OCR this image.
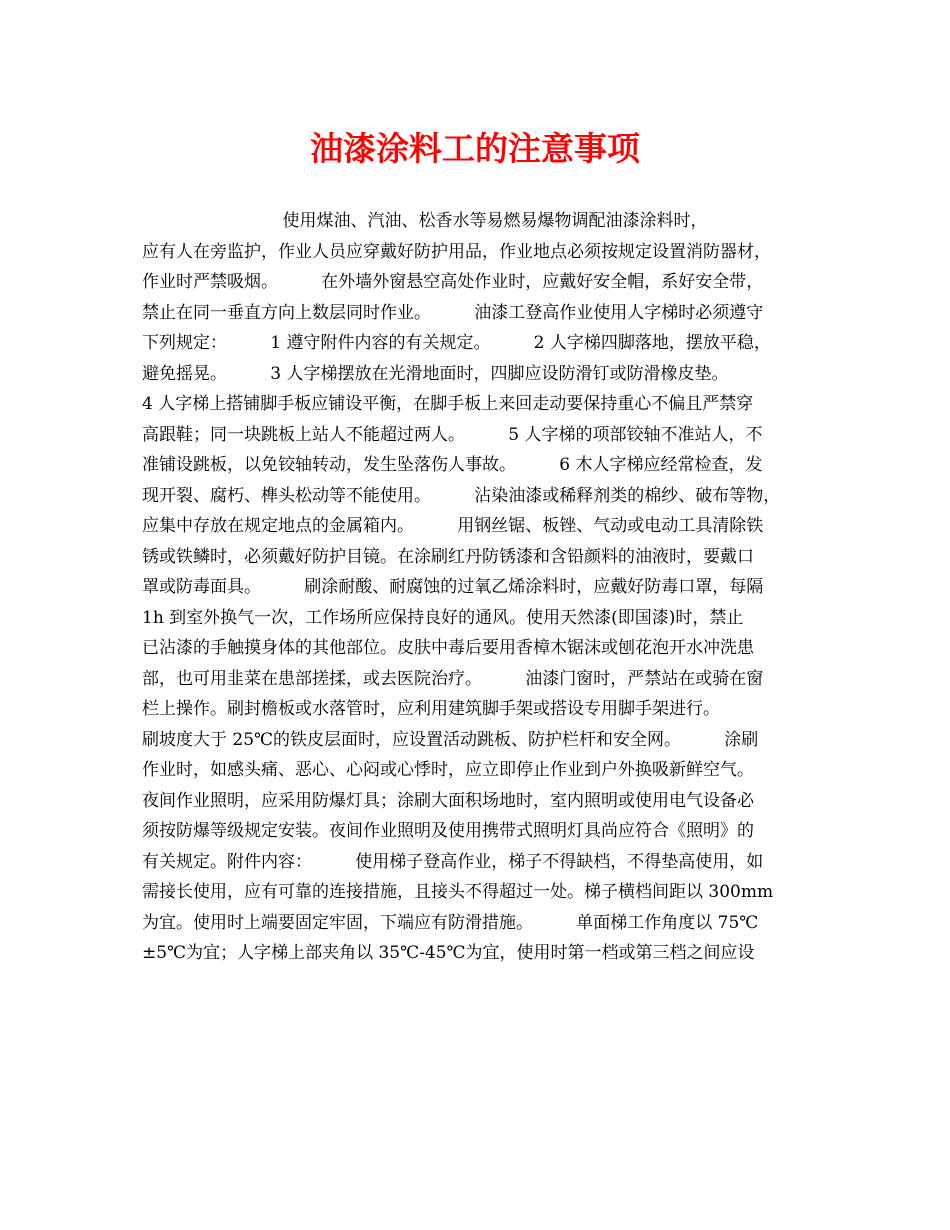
油漆涂料工的注意事项
使用煤油、汽油、松香水等易燃易爆物调配油漆涂料时，
应有人在旁监护，作业人员应穿戴好防护用品，作业地点必须按规定设置消防器材，
作业时严禁吸烟。        在外墙外窗悬空高处作业时，应戴好安全帽，系好安全带，
禁止在同一垂直方向上数层同时作业。        油漆工登高作业使用人字梯时必须遵守
下列规定：        1 遵守附件内容的有关规定。        2 人字梯四脚落地，摆放平稳，
避免摇晃。        3 人字梯摆放在光滑地面时，四脚应设防滑钉或防滑橡皮垫。
4 人字梯上搭铺脚手板应铺设平衡，在脚手板上来回走动要保持重心不偏且严禁穿
高跟鞋；同一块跳板上站人不能超过两人。        5 人字梯的项部铰轴不准站人，不
准铺设跳板，以免铰轴转动，发生坠落伤人事故。        6 木人字梯应经常检查，发
现开裂、腐朽、榫头松动等不能使用。        沾染油漆或稀释剂类的棉纱、破布等物，
应集中存放在规定地点的金属箱内。        用钢丝锯、板锉、气动或电动工具清除铁
锈或铁鳞时，必须戴好防护目镜。在涂刷红丹防锈漆和含铅颜料的油液时，要戴口
罩或防毒面具。        刷涂耐酸、耐腐蚀的过氧乙烯涂料时，应戴好防毒口罩，每隔
1h 到室外换气一次，工作场所应保持良好的通风。使用天然漆(即国漆)时，禁止
已沾漆的手触摸身体的其他部位。皮肤中毒后要用香樟木锯沫或刨花泡开水冲洗患
部，也可用韭菜在患部搓揉，或去医院治疗。        油漆门窗时，严禁站在或骑在窗
栏上操作。刷封檐板或水落管时，应利用建筑脚手架或搭设专用脚手架进行。
刷坡度大于 25℃的铁皮层面时，应设置活动跳板、防护栏杆和安全网。        涂刷
作业时，如感头痛、恶心、心闷或心悸时，应立即停止作业到户外换吸新鲜空气。
夜间作业照明，应采用防爆灯具；涂刷大面积场地时，室内照明或使用电气设备必
须按防爆等级规定安装。夜间作业照明及使用携带式照明灯具尚应符合《照明》的
有关规定。附件内容：        使用梯子登高作业，梯子不得缺档，不得垫高使用，如
需接长使用，应有可靠的连接措施，且接头不得超过一处。梯子横档间距以 300mm
为宜。使用时上端要固定牢固，下端应有防滑措施。        单面梯工作角度以 75℃
±5℃为宜；人字梯上部夹角以 35℃-45℃为宜，使用时第一档或第三档之间应设
